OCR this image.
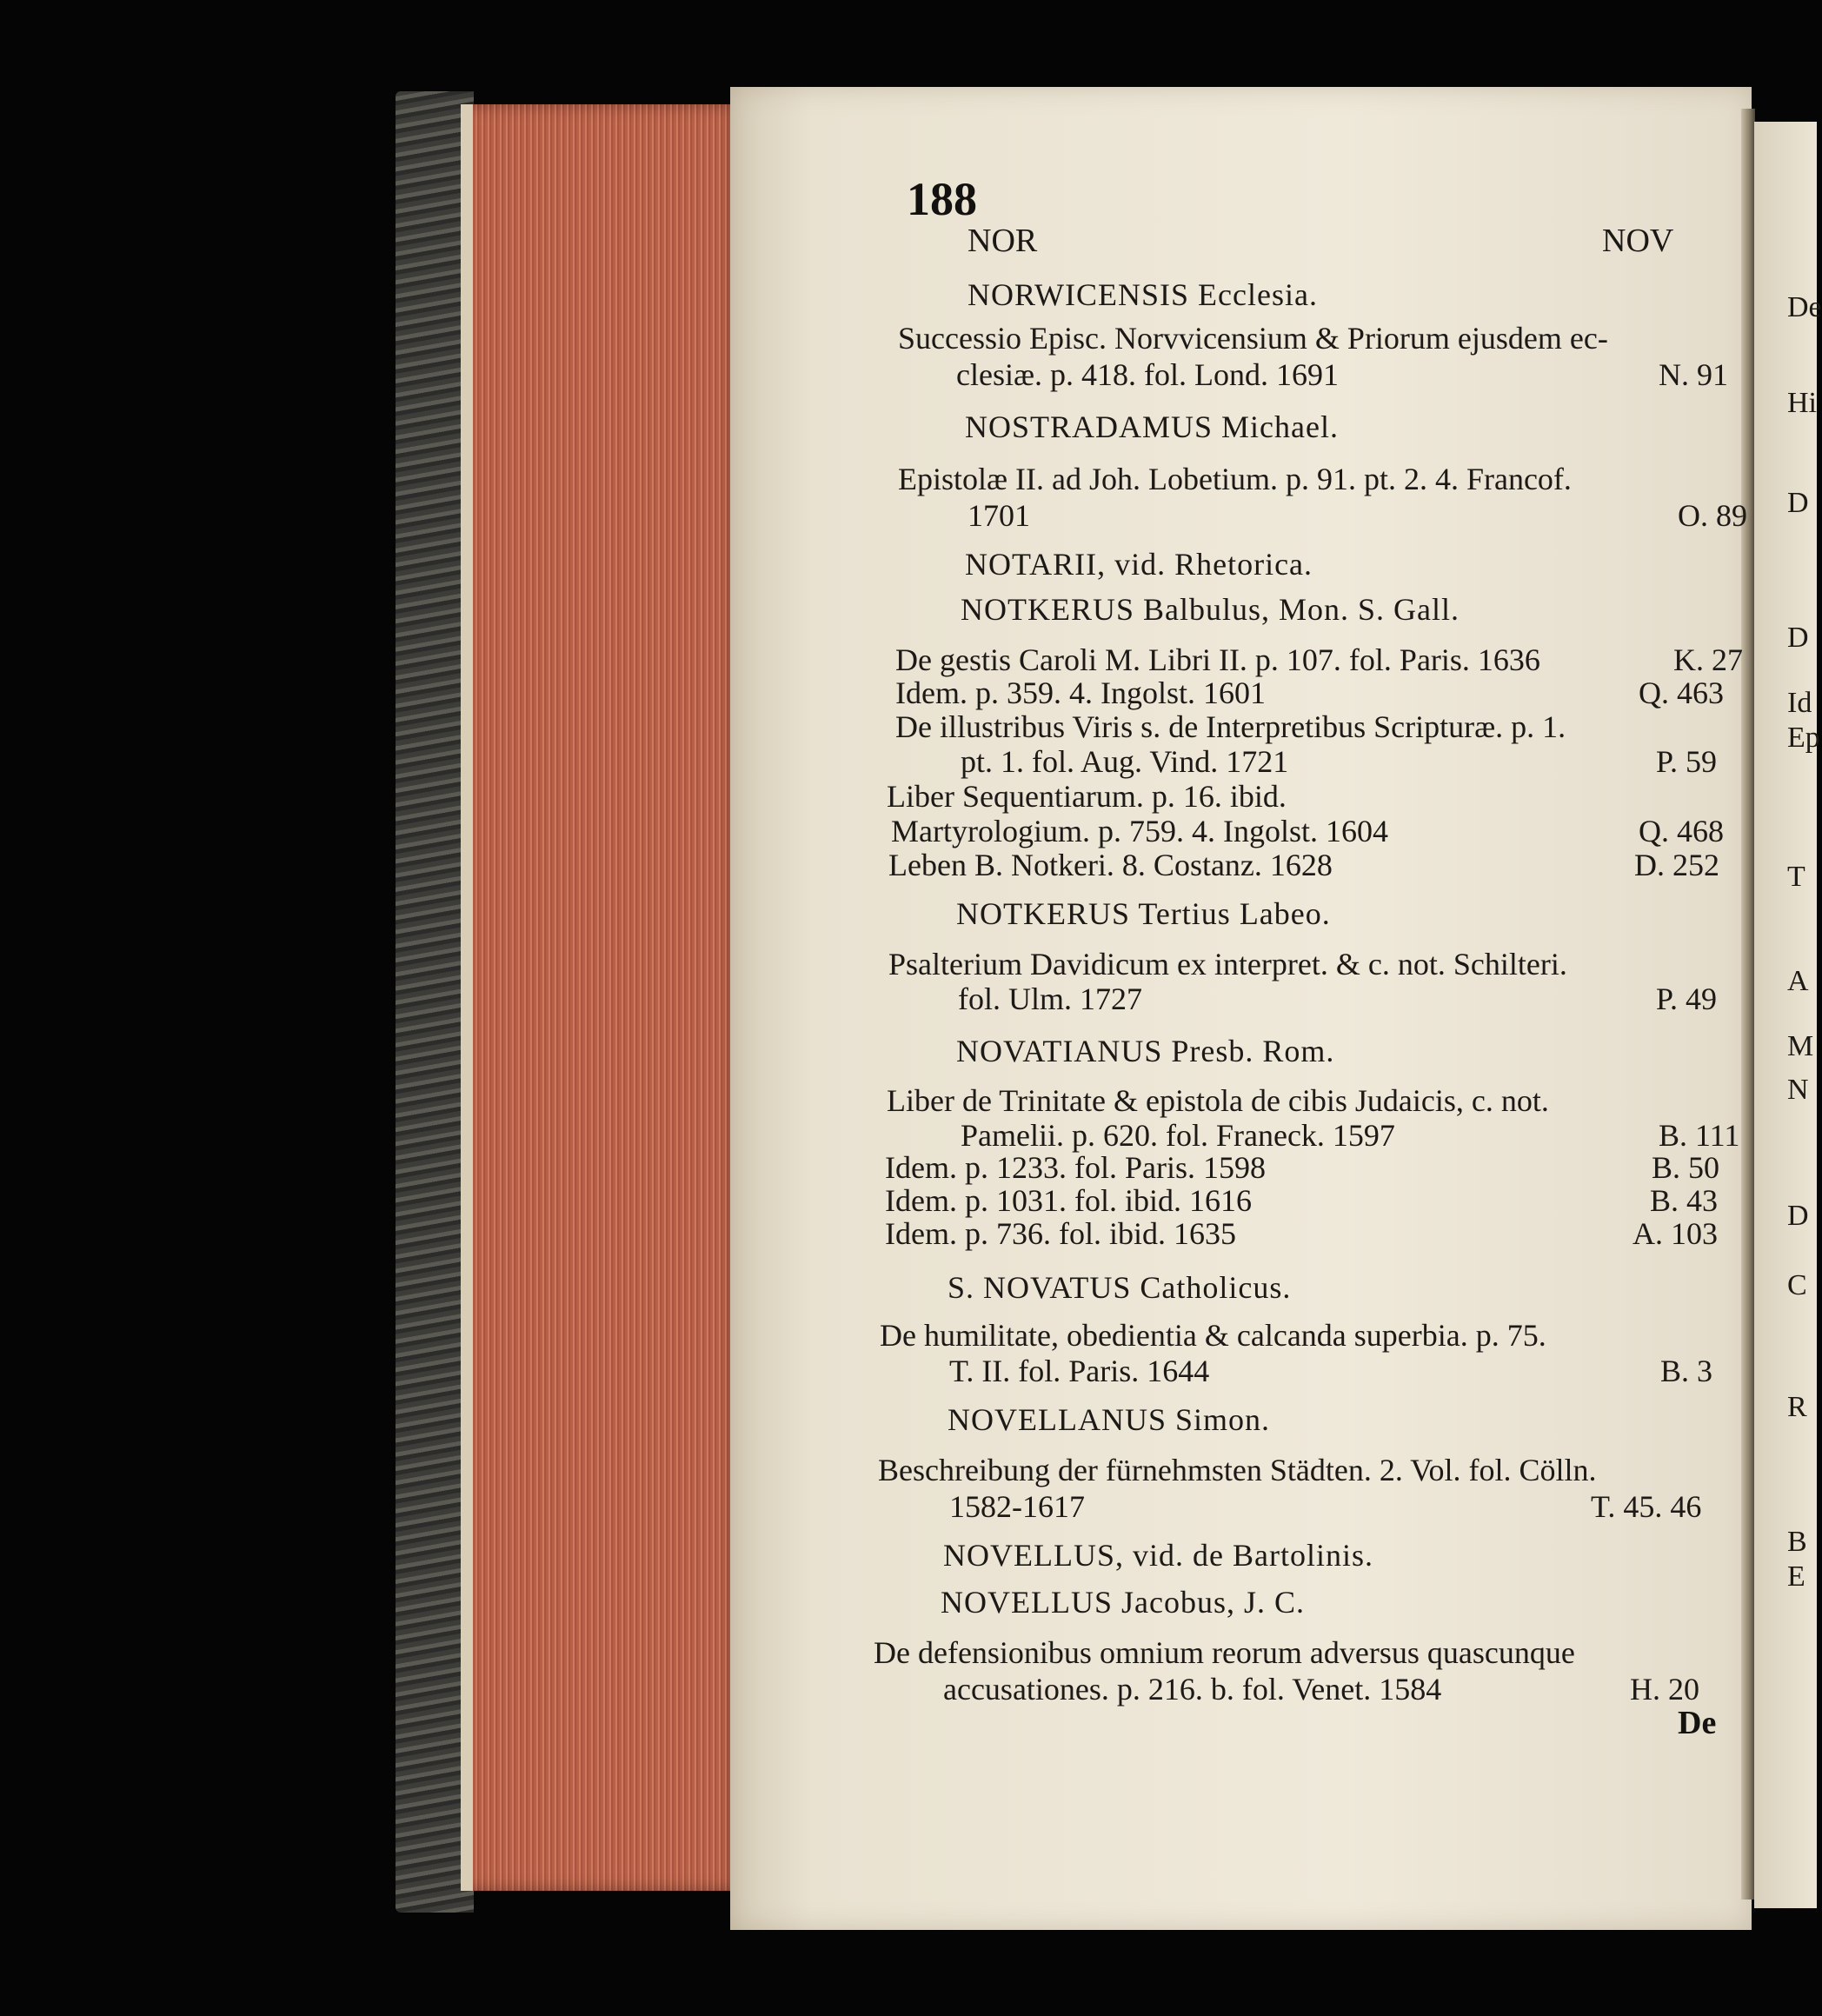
De
Hi
D
D
Id
Ep
T
A
M
N
D
C
R
B
E
188
NOR	NOV
NORWICENSIS Ecclesia.
Successio Episc. Norvvicensium & Priorum ejusdem ec-
clesiæ. p. 418. fol. Lond. 1691	N. 91
NOSTRADAMUS Michael.
Epistolæ II. ad Joh. Lobetium. p. 91. pt. 2. 4. Francof.
1701	O. 89
NOTARII, vid. Rhetorica.
NOTKERUS Balbulus, Mon. S. Gall.
De gestis Caroli M. Libri II. p. 107. fol. Paris. 1636	K. 27
Idem. p. 359. 4. Ingolst. 1601	Q. 463
De illustribus Viris s. de Interpretibus Scripturæ. p. 1.
pt. 1. fol. Aug. Vind. 1721	P. 59
Liber Sequentiarum. p. 16. ibid.
Martyrologium. p. 759. 4. Ingolst. 1604	Q. 468
Leben B. Notkeri. 8. Costanz. 1628	D. 252
NOTKERUS Tertius Labeo.
Psalterium Davidicum ex interpret. & c. not. Schilteri.
fol. Ulm. 1727	P. 49
NOVATIANUS Presb. Rom.
Liber de Trinitate & epistola de cibis Judaicis, c. not.
Pamelii. p. 620. fol. Franeck. 1597	B. 111
Idem. p. 1233. fol. Paris. 1598	B. 50
Idem. p. 1031. fol. ibid. 1616	B. 43
Idem. p. 736. fol. ibid. 1635	A. 103
S. NOVATUS Catholicus.
De humilitate, obedientia & calcanda superbia. p. 75.
T. II. fol. Paris. 1644	B. 3
NOVELLANUS Simon.
Beschreibung der fürnehmsten Städten. 2. Vol. fol. Cölln.
1582-1617	T. 45. 46
NOVELLUS, vid. de Bartolinis.
NOVELLUS Jacobus, J. C.
De defensionibus omnium reorum adversus quascunque
accusationes. p. 216. b. fol. Venet. 1584	H. 20
De
